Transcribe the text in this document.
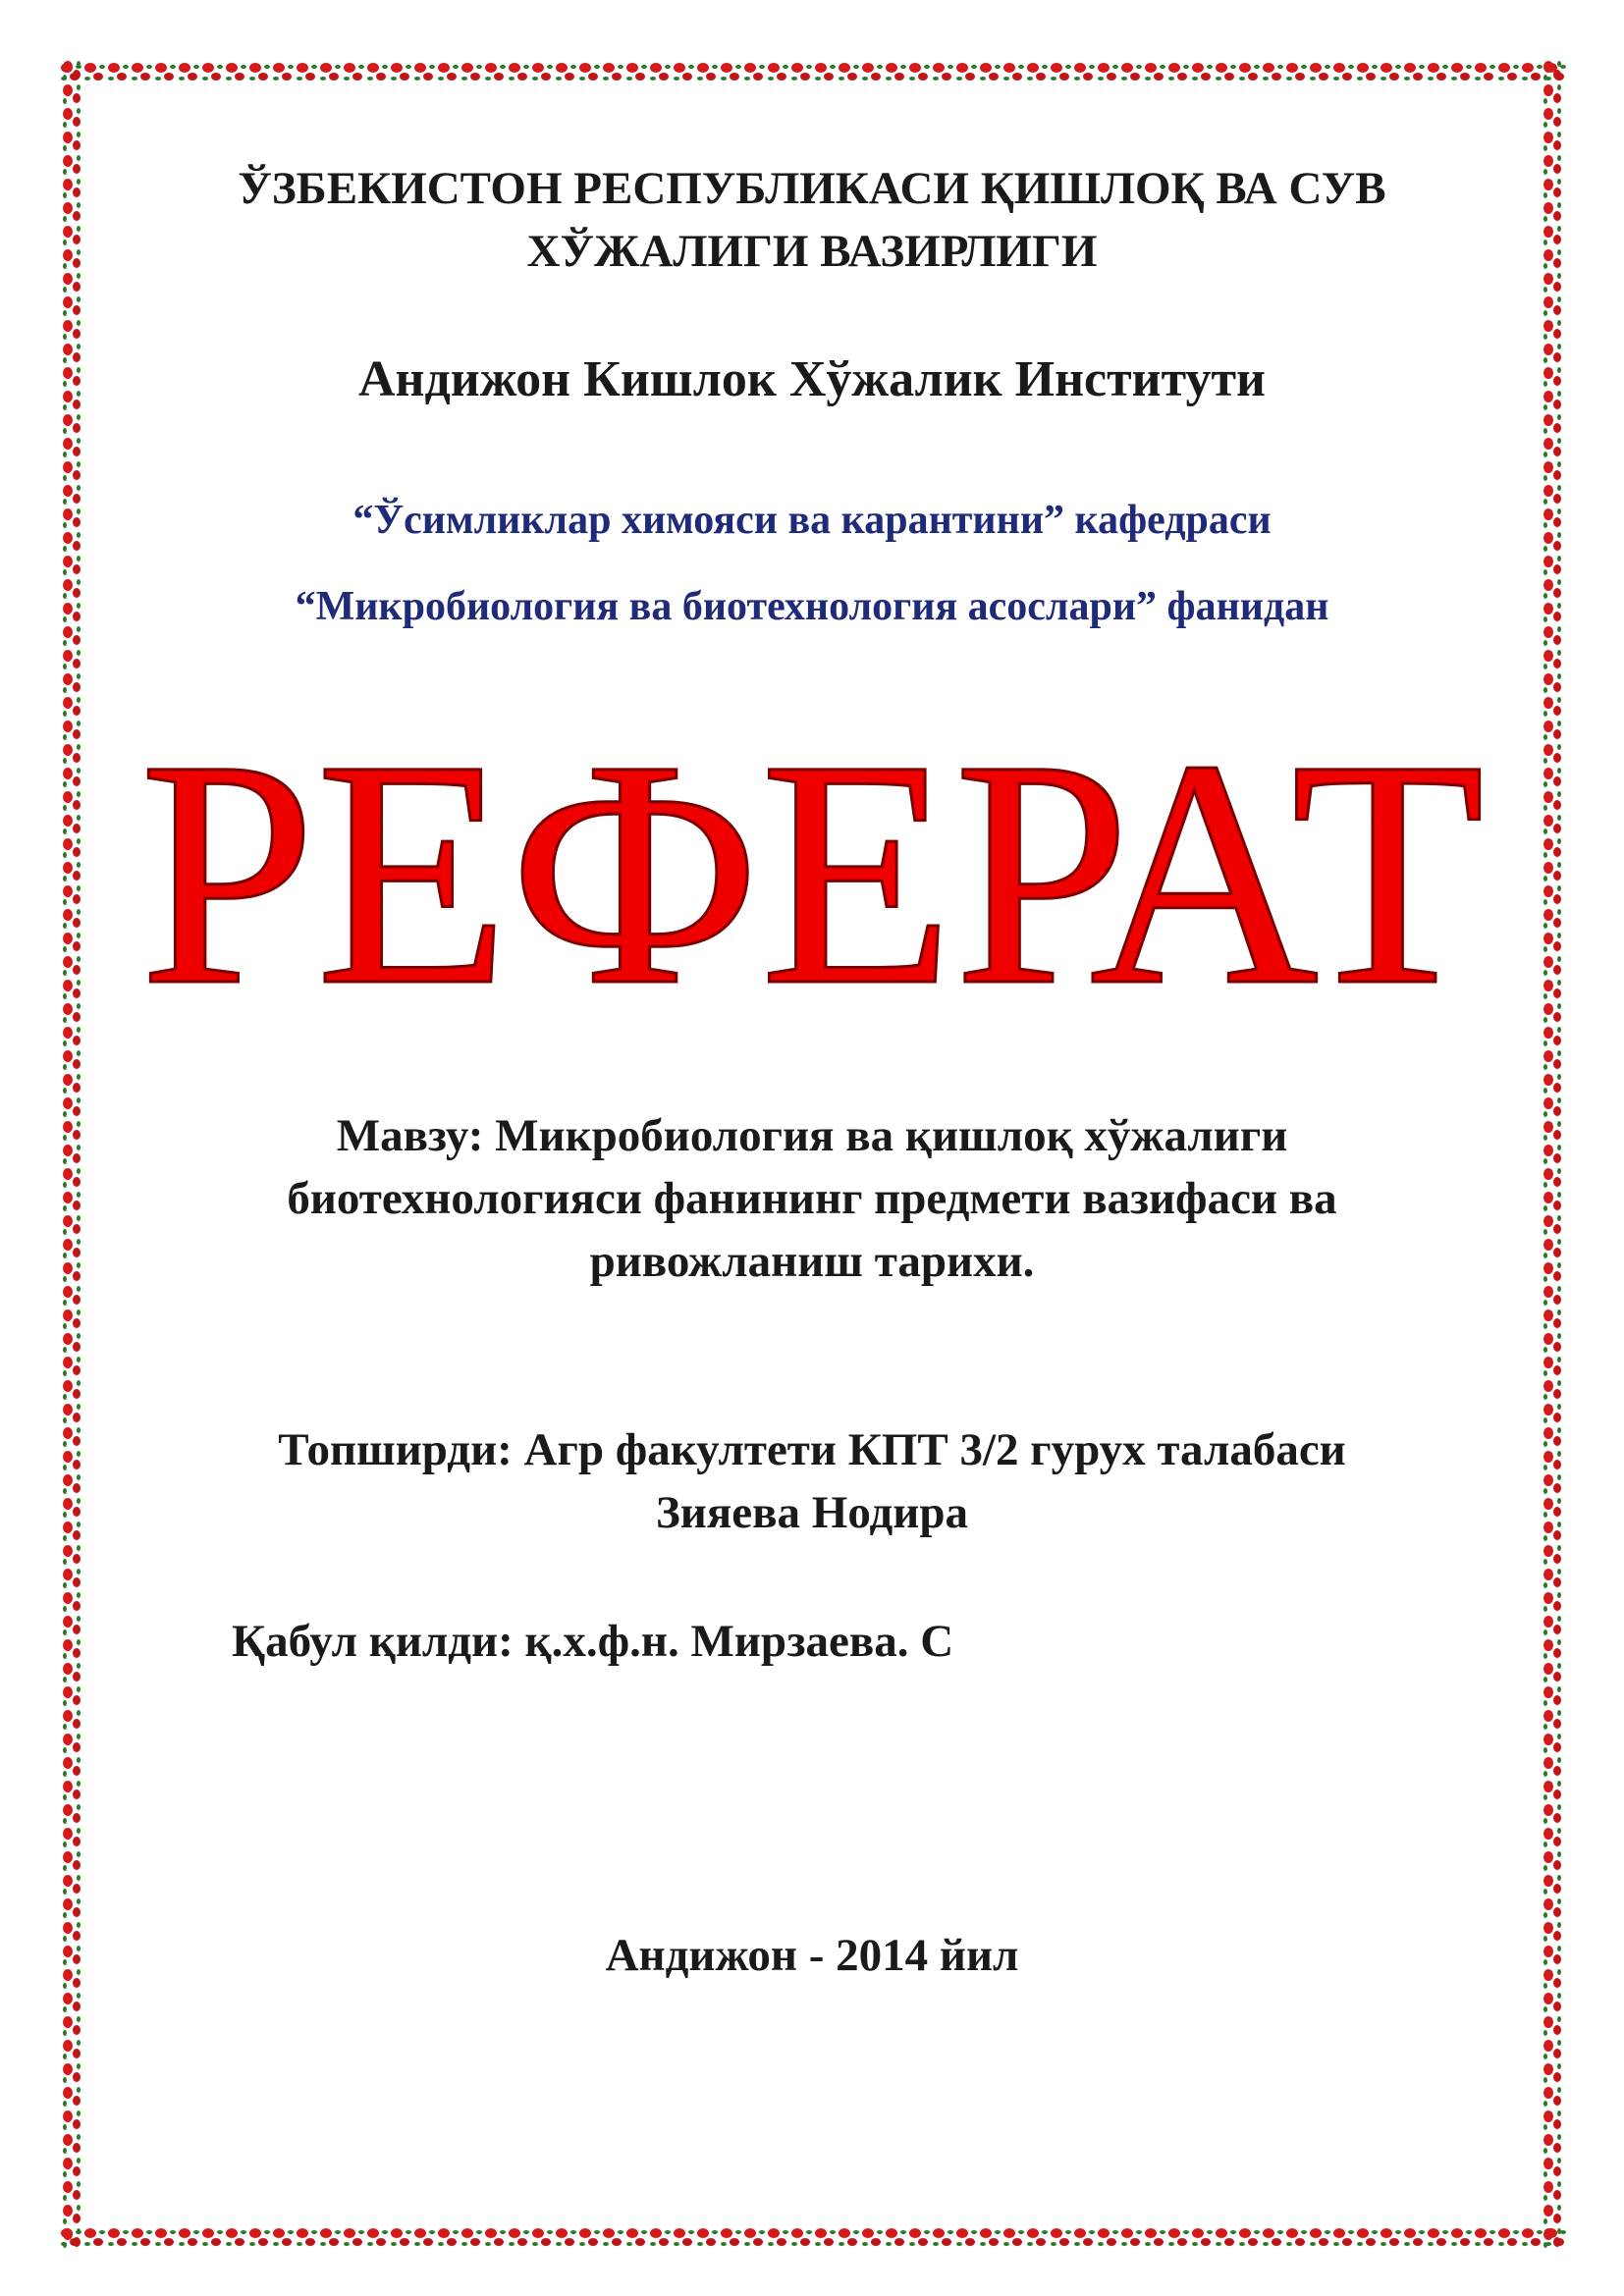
ЎЗБЕКИСТОН РЕСПУБЛИКАСИ ҚИШЛОҚ ВА СУВ
ХЎЖАЛИГИ ВАЗИРЛИГИ
Андижон Кишлок Хўжалик Институти
“Ўсимликлар химояси ва карантини” кафедраси
“Микробиология ва биотехнология асослари” фанидан
РЕФЕРАТ
Мавзу: Микробиология ва қишлоқ хўжалиги
биотехнологияси фанининг предмети вазифаси ва
ривожланиш тарихи.
Топширди: Агр факултети КПТ 3/2 гурух талабаси
Зияева Нодира
Қабул қилди: қ.х.ф.н. Мирзаева. С
Андижон - 2014 йил
